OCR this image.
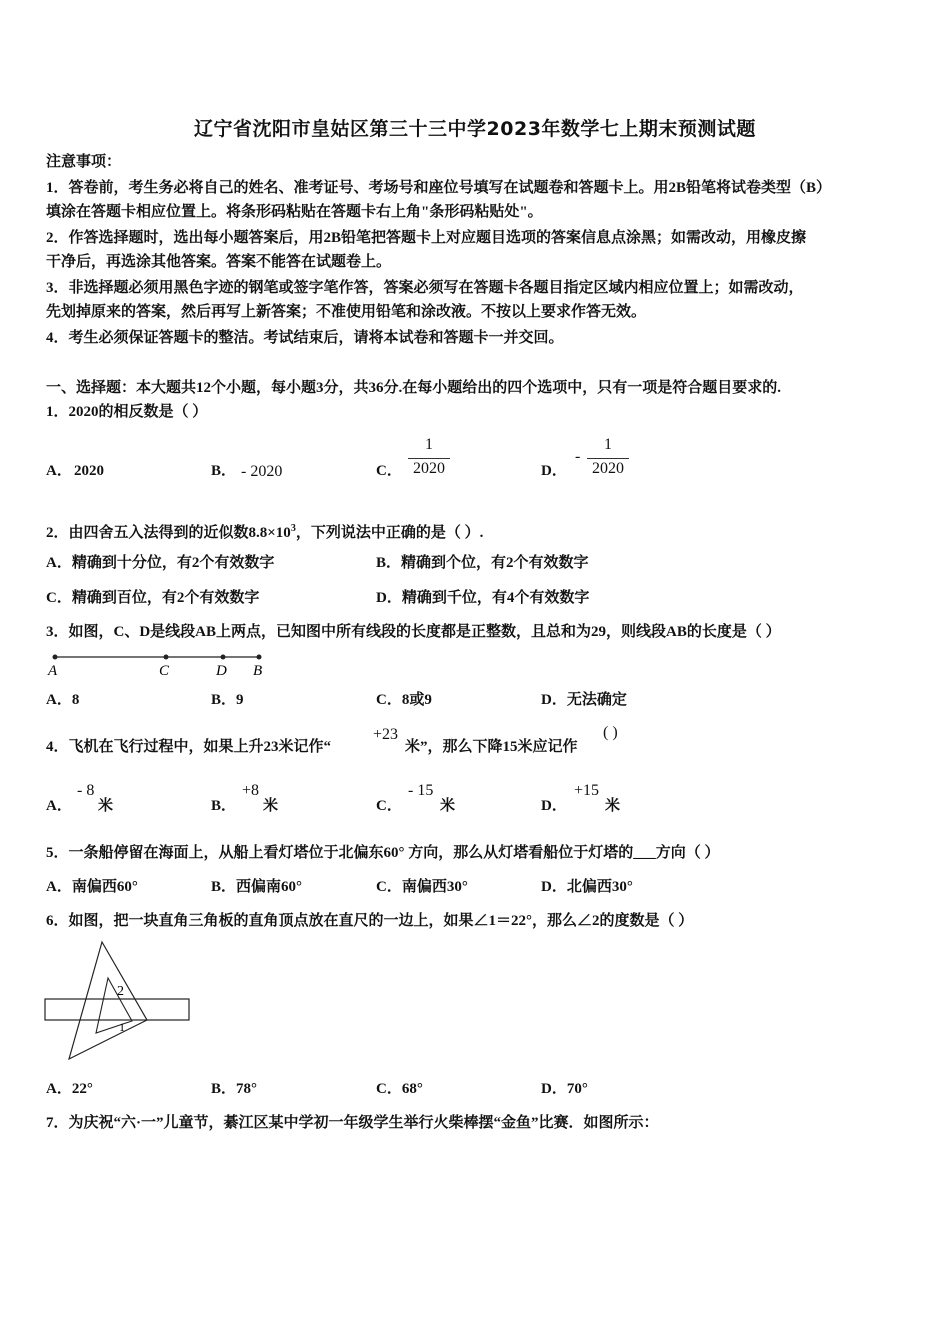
辽宁省沈阳市皇姑区第三十三中学2023年数学七上期末预测试题
注意事项：
1．答卷前，考生务必将自己的姓名、准考证号、考场号和座位号填写在试题卷和答题卡上。用2B铅笔将试卷类型（B）
填涂在答题卡相应位置上。将条形码粘贴在答题卡右上角"条形码粘贴处"。
2．作答选择题时，选出每小题答案后，用2B铅笔把答题卡上对应题目选项的答案信息点涂黑；如需改动，用橡皮擦
干净后，再选涂其他答案。答案不能答在试题卷上。
3．非选择题必须用黑色字迹的钢笔或签字笔作答，答案必须写在答题卡各题目指定区域内相应位置上；如需改动，
先划掉原来的答案，然后再写上新答案；不准使用铅笔和涂改液。不按以上要求作答无效。
4．考生必须保证答题卡的整洁。考试结束后，请将本试卷和答题卡一并交回。
一、选择题：本大题共12个小题，每小题3分，共36分.在每小题给出的四个选项中，只有一项是符合题目要求的.
1．2020的相反数是（ ）
A． 2020	B． - 2020	C．
1
2020	D．
-
1
2020
2．由四舍五入法得到的近似数$8.8\times 10^3$，下列说法中正确的是（ ）.
A．精确到十分位，有2个有效数字	B．精确到个位，有2个有效数字
C．精确到百位，有2个有效数字	D．精确到千位，有4个有效数字
3．如图，C、D是线段AB上两点，已知图中所有线段的长度都是正整数，且总和为29，则线段AB的长度是（ ）
A	C	D B
A．8	B．9	C．8或9	D．无法确定
4．飞机在飞行过程中，如果上升23米记作“
+23
米”，那么下降15米应记作
( )
A．
- 8
米	B．
+8
米	C．
- 15
米	D．
+15
米
5．一条船停留在海面上，从船上看灯塔位于北偏东60° 方向，那么从灯塔看船位于灯塔的___方向（ ）
A．南偏西60°	B．西偏南60°	C．南偏西30°	D．北偏西30°
6．如图，把一块直角三角板的直角顶点放在直尺的一边上，如果∠1＝22°，那么∠2的度数是（ ）
2
1
A．22°	B．78°	C．68°	D．70°
7．为庆祝“六·一”儿童节，綦江区某中学初一年级学生举行火柴棒摆“金鱼”比赛．如图所示：
